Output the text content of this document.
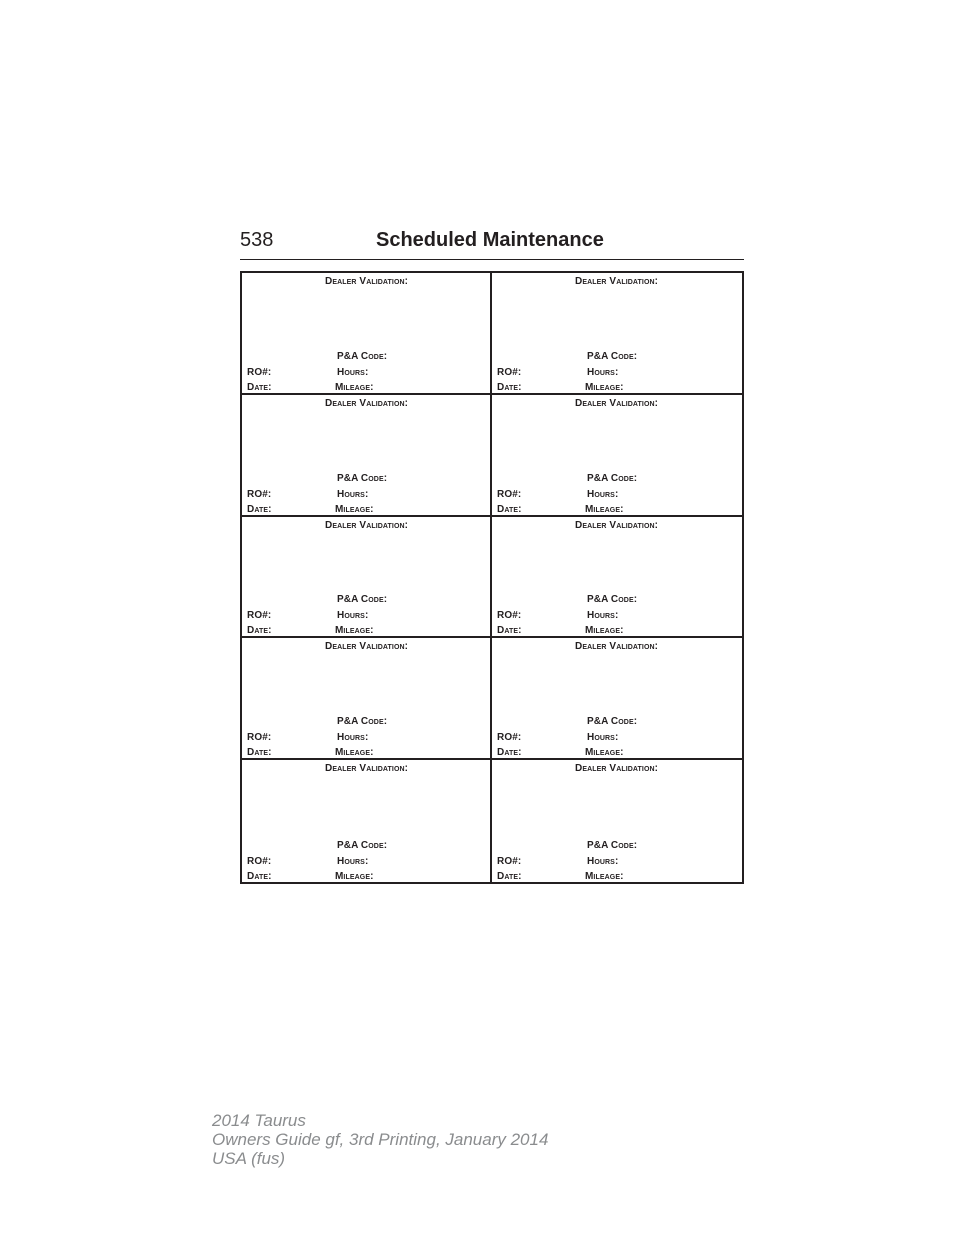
538	Scheduled Maintenance
Dealer Validation:
P&A Code:
RO#:	Hours:
Date:	Mileage:
Dealer Validation:
P&A Code:
RO#:	Hours:
Date:	Mileage:
Dealer Validation:
P&A Code:
RO#:	Hours:
Date:	Mileage:
Dealer Validation:
P&A Code:
RO#:	Hours:
Date:	Mileage:
Dealer Validation:
P&A Code:
RO#:	Hours:
Date:	Mileage:
Dealer Validation:
P&A Code:
RO#:	Hours:
Date:	Mileage:
Dealer Validation:
P&A Code:
RO#:	Hours:
Date:	Mileage:
Dealer Validation:
P&A Code:
RO#:	Hours:
Date:	Mileage:
Dealer Validation:
P&A Code:
RO#:	Hours:
Date:	Mileage:
Dealer Validation:
P&A Code:
RO#:	Hours:
Date:	Mileage:
2014 Taurus
Owners Guide gf, 3rd Printing, January 2014
USA (fus)
